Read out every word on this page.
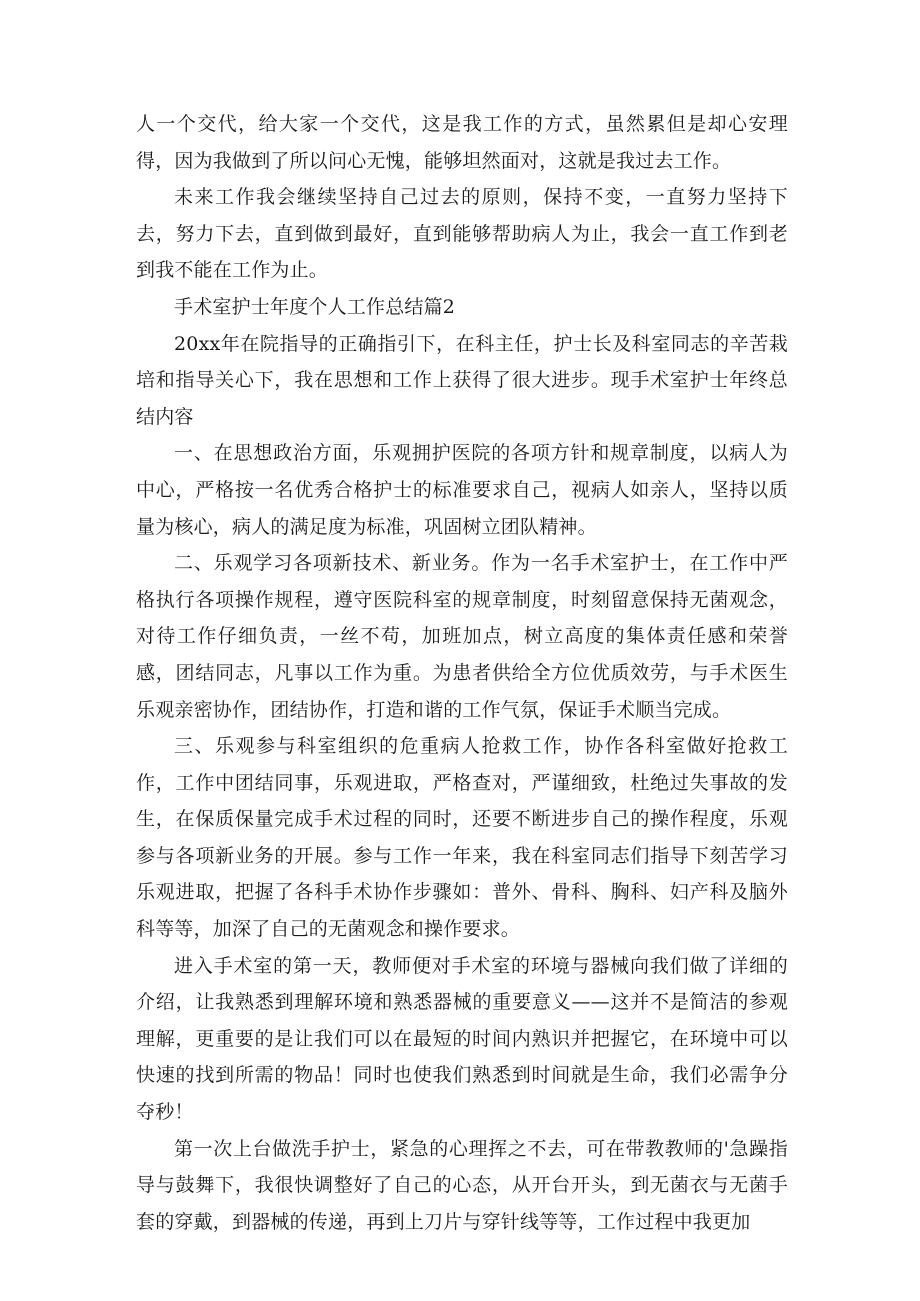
人一个交代，给大家一个交代，这是我工作的方式，虽然累但是却心安理得，因为我做到了所以问心无愧，能够坦然面对，这就是我过去工作。

未来工作我会继续坚持自己过去的原则，保持不变，一直努力坚持下去，努力下去，直到做到最好，直到能够帮助病人为止，我会一直工作到老到我不能在工作为止。

手术室护士年度个人工作总结篇2

20xx年在院指导的正确指引下，在科主任，护士长及科室同志的辛苦栽培和指导关心下，我在思想和工作上获得了很大进步。现手术室护士年终总结内容

一、在思想政治方面，乐观拥护医院的各项方针和规章制度，以病人为中心，严格按一名优秀合格护士的标准要求自己，视病人如亲人，坚持以质量为核心，病人的满足度为标准，巩固树立团队精神。

二、乐观学习各项新技术、新业务。作为一名手术室护士，在工作中严格执行各项操作规程，遵守医院科室的规章制度，时刻留意保持无菌观念，对待工作仔细负责，一丝不苟，加班加点，树立高度的集体责任感和荣誉感，团结同志，凡事以工作为重。为患者供给全方位优质效劳，与手术医生乐观亲密协作，团结协作，打造和谐的工作气氛，保证手术顺当完成。

三、乐观参与科室组织的危重病人抢救工作，协作各科室做好抢救工作，工作中团结同事，乐观进取，严格查对，严谨细致，杜绝过失事故的发生，在保质保量完成手术过程的同时，还要不断进步自己的操作程度，乐观参与各项新业务的开展。参与工作一年来，我在科室同志们指导下刻苦学习乐观进取，把握了各科手术协作步骤如：普外、骨科、胸科、妇产科及脑外科等等，加深了自己的无菌观念和操作要求。

进入手术室的第一天，教师便对手术室的环境与器械向我们做了详细的介绍，让我熟悉到理解环境和熟悉器械的重要意义——这并不是简洁的参观理解，更重要的是让我们可以在最短的时间内熟识并把握它，在环境中可以快速的找到所需的物品！同时也使我们熟悉到时间就是生命，我们必需争分夺秒！

第一次上台做洗手护士，紧急的心理挥之不去，可在带教教师的'急躁指导与鼓舞下，我很快调整好了自己的心态，从开台开头，到无菌衣与无菌手套的穿戴，到器械的传递，再到上刀片与穿针线等等，工作过程中我更加
